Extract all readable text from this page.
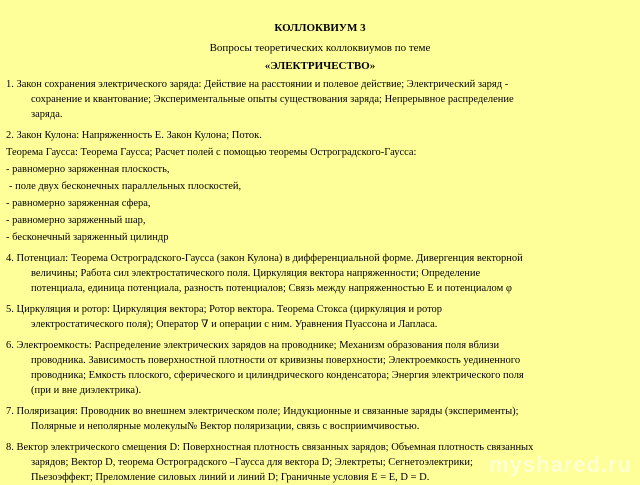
КОЛЛОКВИУМ 3
Вопросы теоретических коллоквиумов по теме
«ЭЛЕКТРИЧЕСТВО»

1. Закон сохранения электрического заряда: Действие на расстоянии и полевое действие; Электрический заряд -

сохранение и квантование; Экспериментальные опыты существования заряда; Непрерывное распределение

заряда.

2. Закон Кулона: Напряженность Е. Закон Кулона; Поток.

Теорема Гаусса: Теорема Гаусса; Расчет полей с помощью теоремы Остроградского-Гаусса:

- равномерно заряженная плоскость,

- поле двух бесконечных параллельных плоскостей,

- равномерно заряженная сфера,

- равномерно заряженный шар,

- бесконечный заряженный цилиндр

4. Потенциал: Теорема Остроградского-Гаусса (закон Кулона) в дифференциальной форме. Дивергенция векторной

величины; Работа сил электростатического поля. Циркуляция вектора напряженности; Определение

потенциала, единица потенциала, разность потенциалов; Связь между напряженностью Е и потенциалом φ

5. Циркуляция и ротор: Циркуляция вектора; Ротор вектора. Теорема Стокса (циркуляция и ротор

электростатического поля); Оператор ∇ и операции с ним. Уравнения Пуассона и Лапласа.

6. Электроемкость: Распределение электрических зарядов на проводнике; Механизм образования поля вблизи

проводника. Зависимость поверхностной плотности от кривизны поверхности; Электроемкость уединенного

проводника; Емкость плоского, сферического и цилиндрического конденсатора; Энергия электрического поля

(при и вне диэлектрика).

7. Поляризация: Проводник во внешнем электрическом поле; Индукционные и связанные заряды (эксперименты);

Полярные и неполярные молекулы№ Вектор поляризации, связь с восприимчивостью.

8. Вектор электрического смещения D: Поверхностная плотность связанных зарядов; Объемная плотность связанных

зарядов; Вектор D, теорема Остроградского –Гаусса для вектора D; Электреты; Сегнетоэлектрики;

Пьезоэффект; Преломление силовых линий и линий D; Граничные условия E = E, D = D.

myshared.ru
